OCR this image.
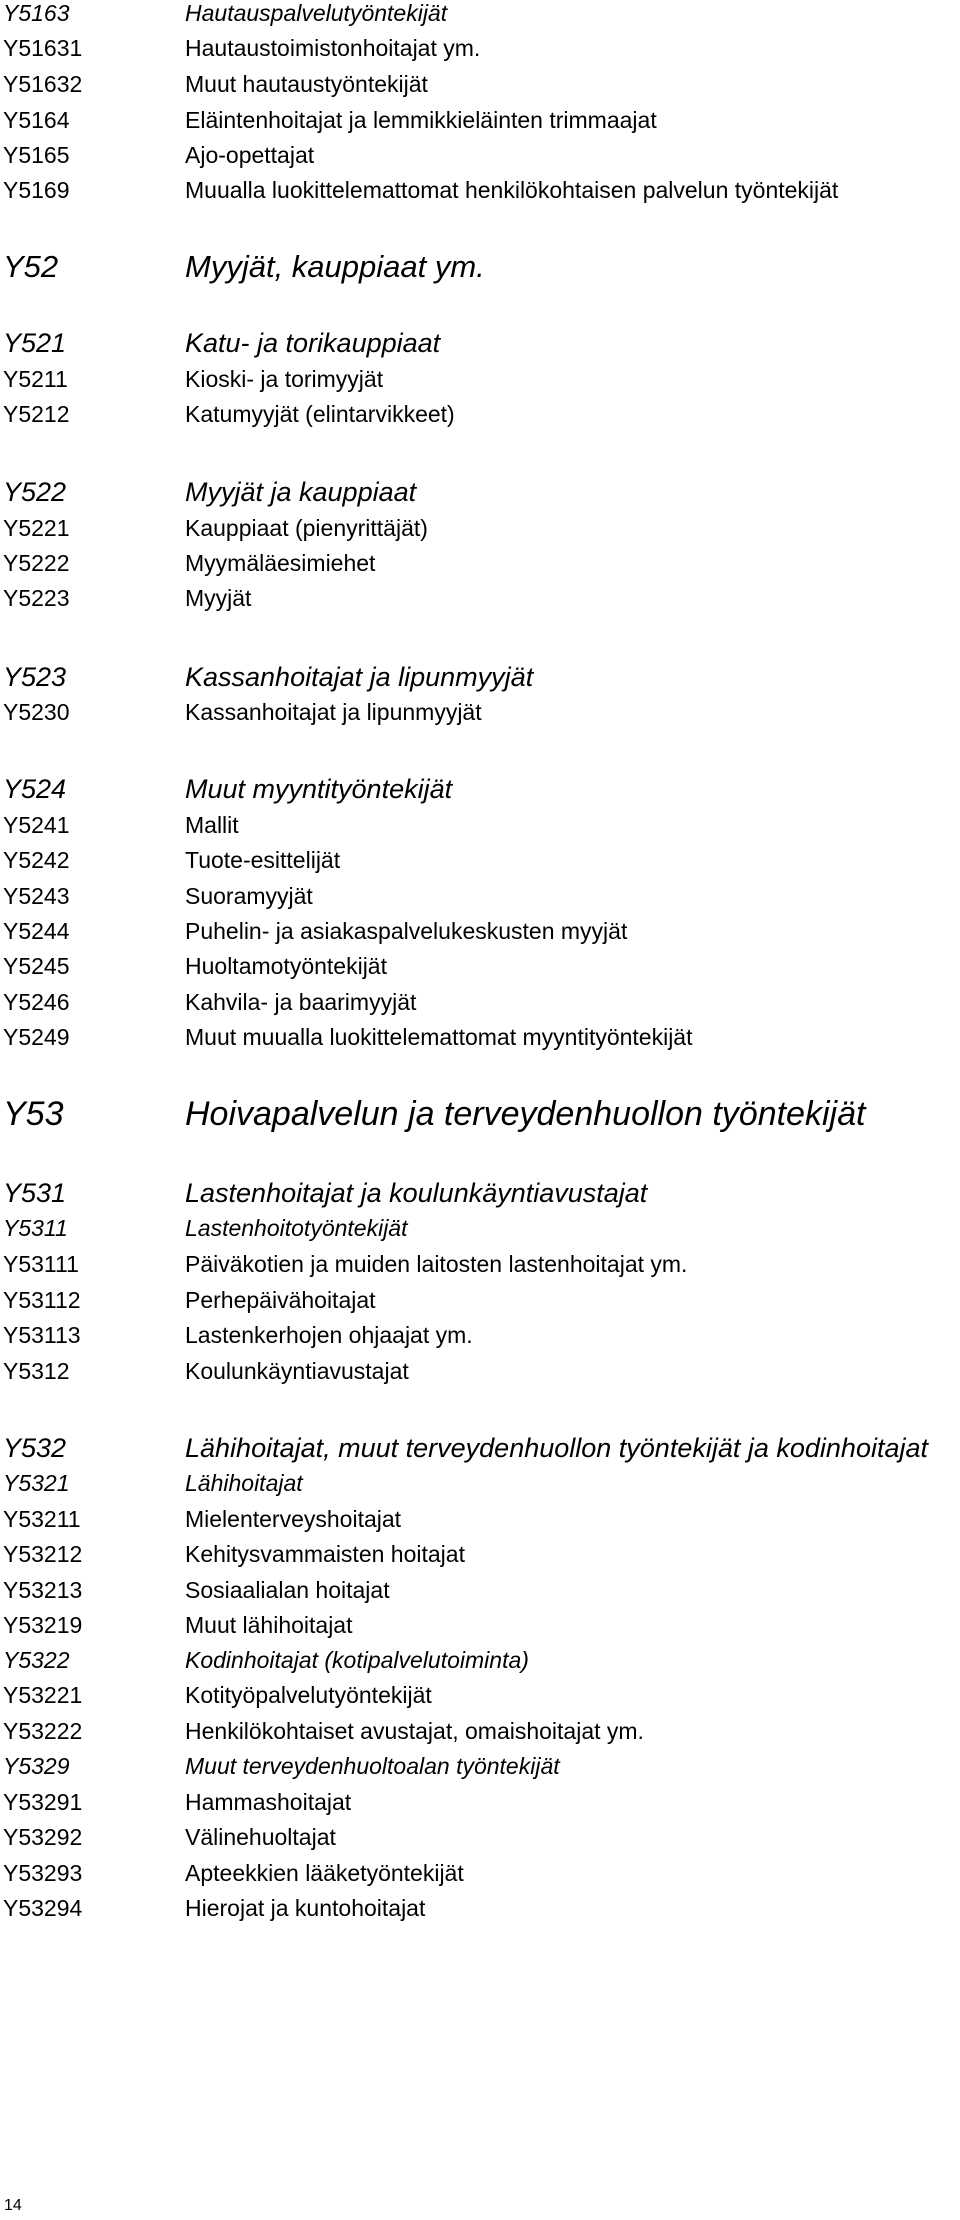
Y5163	Hautauspalvelutyöntekijät
Y51631	Hautaustoimistonhoitajat ym.
Y51632	Muut hautaustyöntekijät
Y5164	Eläintenhoitajat ja lemmikkieläinten trimmaajat
Y5165	Ajo-opettajat
Y5169	Muualla luokittelemattomat henkilökohtaisen palvelun työntekijät
Y52	Myyjät, kauppiaat ym.
Y521	Katu- ja torikauppiaat
Y5211	Kioski- ja torimyyjät
Y5212	Katumyyjät (elintarvikkeet)
Y522	Myyjät ja kauppiaat
Y5221	Kauppiaat (pienyrittäjät)
Y5222	Myymäläesimiehet
Y5223	Myyjät
Y523	Kassanhoitajat ja lipunmyyjät
Y5230	Kassanhoitajat ja lipunmyyjät
Y524	Muut myyntityöntekijät
Y5241	Mallit
Y5242	Tuote-esittelijät
Y5243	Suoramyyjät
Y5244	Puhelin- ja asiakaspalvelukeskusten myyjät
Y5245	Huoltamotyöntekijät
Y5246	Kahvila- ja baarimyyjät
Y5249	Muut muualla luokittelemattomat myyntityöntekijät
Y53	Hoivapalvelun ja terveydenhuollon työntekijät
Y531	Lastenhoitajat ja koulunkäyntiavustajat
Y5311	Lastenhoitotyöntekijät
Y53111	Päiväkotien ja muiden laitosten lastenhoitajat ym.
Y53112	Perhepäivähoitajat
Y53113	Lastenkerhojen ohjaajat ym.
Y5312	Koulunkäyntiavustajat
Y532	Lähihoitajat, muut terveydenhuollon työntekijät ja kodinhoitajat
Y5321	Lähihoitajat
Y53211	Mielenterveyshoitajat
Y53212	Kehitysvammaisten hoitajat
Y53213	Sosiaalialan hoitajat
Y53219	Muut lähihoitajat
Y5322	Kodinhoitajat (kotipalvelutoiminta)
Y53221	Kotityöpalvelutyöntekijät
Y53222	Henkilökohtaiset avustajat, omaishoitajat ym.
Y5329	Muut terveydenhuoltoalan työntekijät
Y53291	Hammashoitajat
Y53292	Välinehuoltajat
Y53293	Apteekkien lääketyöntekijät
Y53294	Hierojat ja kuntohoitajat
14
